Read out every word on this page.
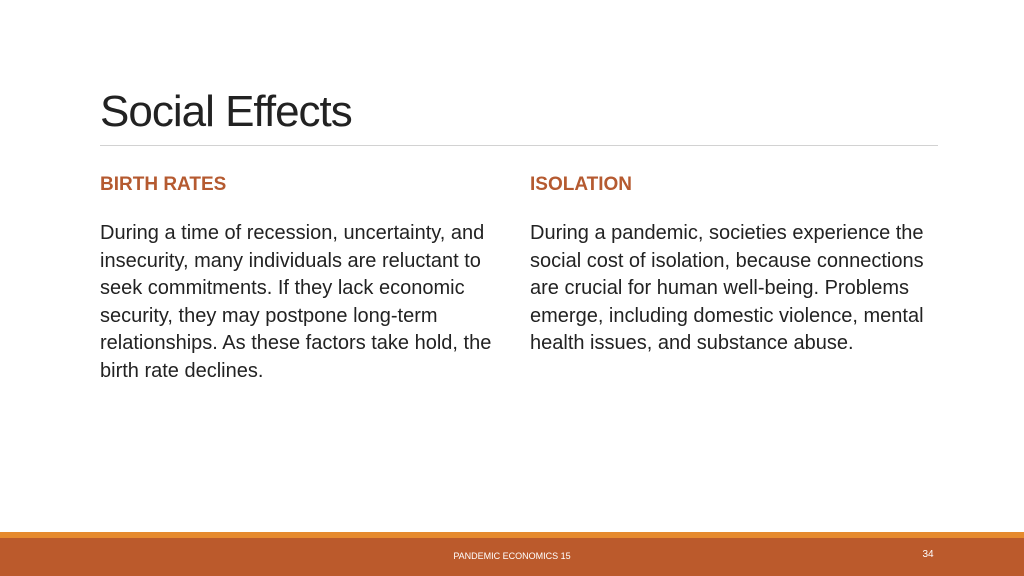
Social Effects
BIRTH RATES

During a time of recession, uncertainty, and insecurity, many individuals are reluctant to seek commitments. If they lack economic security, they may postpone long-term relationships. As these factors take hold, the birth rate declines.

ISOLATION

During a pandemic, societies experience the social cost of isolation, because connections are crucial for human well-being. Problems emerge, including domestic violence, mental health issues, and substance abuse.

PANDEMIC ECONOMICS 15	34
